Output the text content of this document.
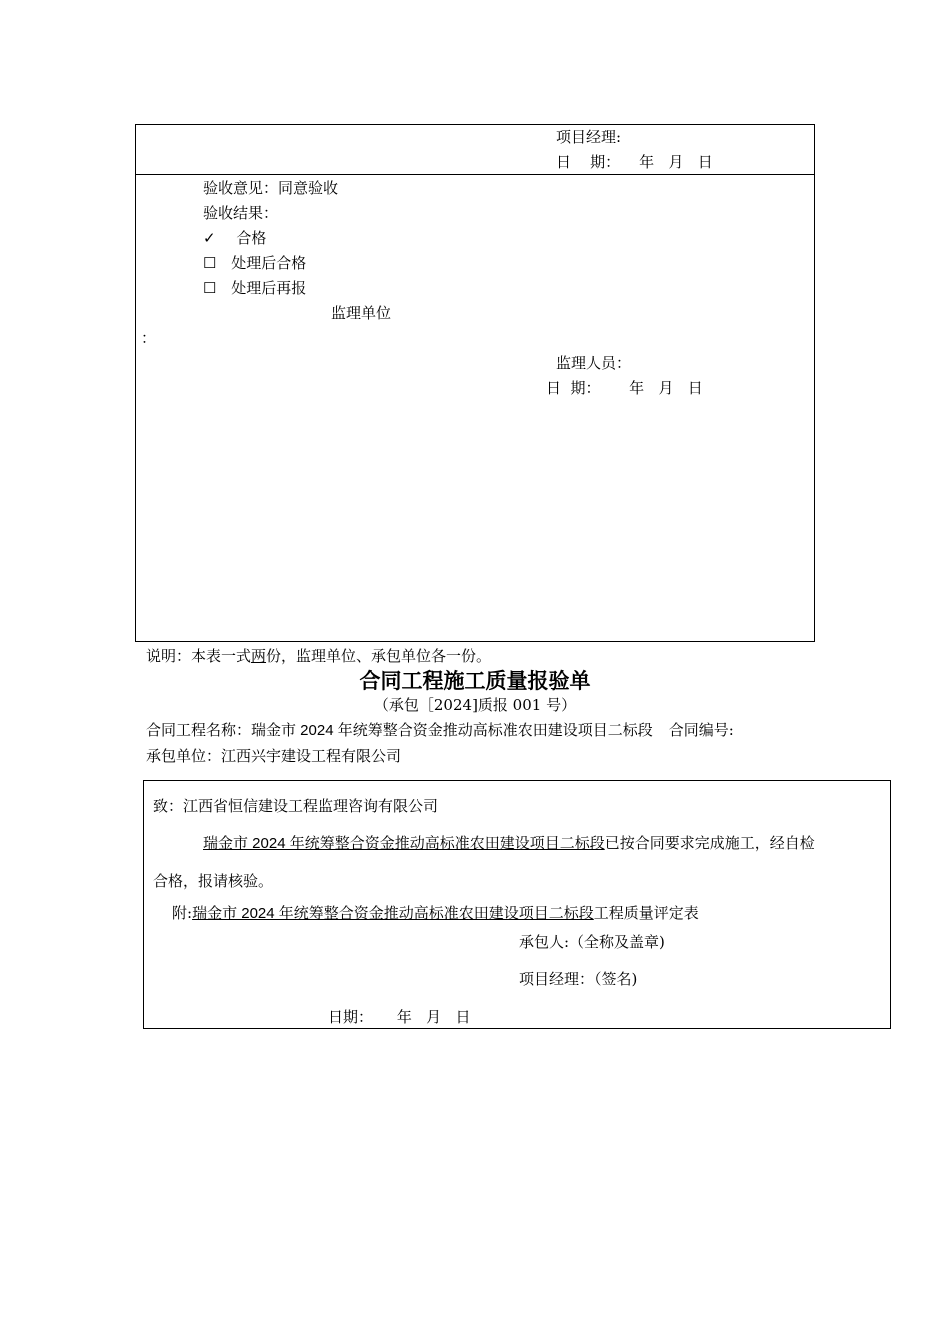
项目经理:
日    期：    年   月   日
验收意见：同意验收
验收结果：
✓ 合格
☐ 处理后合格
☐ 处理后再报
监理单位
：
监理人员：
日  期：      年   月   日
说明：本表一式两份，监理单位、承包单位各一份。
合同工程施工质量报验单
（承包［2024]质报 001 号）
合同工程名称：瑞金市 2024 年统筹整合资金推动高标准农田建设项目二标段 合同编号:
承包单位：江西兴宇建设工程有限公司
致：江西省恒信建设工程监理咨询有限公司
瑞金市 2024 年统筹整合资金推动高标准农田建设项目二标段已按合同要求完成施工，经自检
合格，报请核验。
附:瑞金市 2024 年统筹整合资金推动高标准农田建设项目二标段工程质量评定表
承包人:（全称及盖章)
项目经理：（签名)
日期：     年   月   日
